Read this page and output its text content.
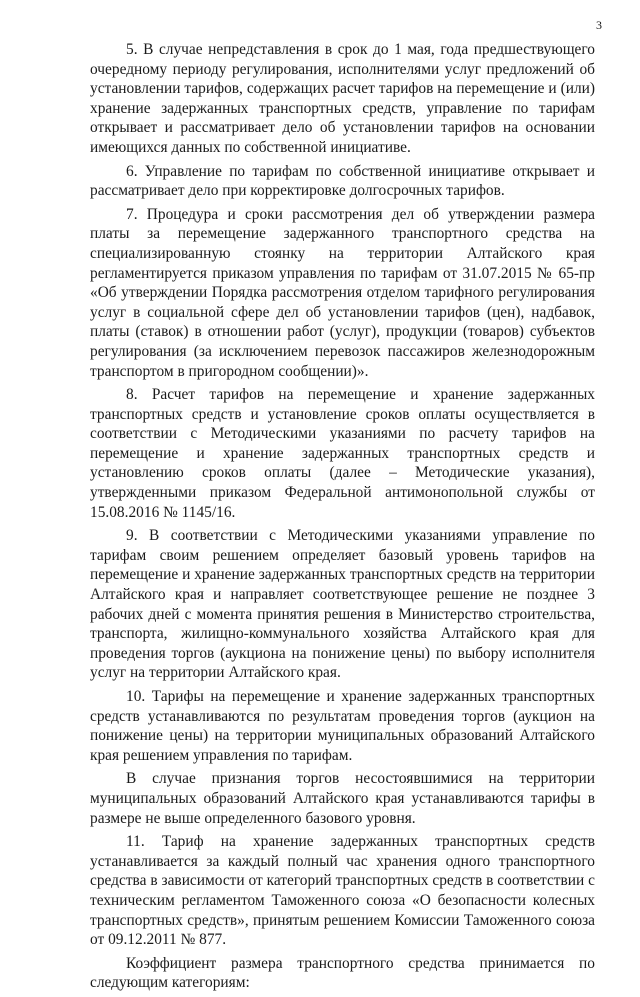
3

5. В случае непредставления в срок до 1 мая, года предшествующего очередному периоду регулирования, исполнителями услуг предложений об установлении тарифов, содержащих расчет тарифов на перемещение и (или) хранение задержанных транспортных средств, управление по тарифам открывает и рассматривает дело об установлении тарифов на основании имеющихся данных по собственной инициативе.

6. Управление по тарифам по собственной инициативе открывает и рассматривает дело при корректировке долгосрочных тарифов.

7. Процедура и сроки рассмотрения дел об утверждении размера платы за перемещение задержанного транспортного средства на специализированную стоянку на территории Алтайского края регламентируется приказом управления по тарифам от 31.07.2015 № 65-пр «Об утверждении Порядка рассмотрения отделом тарифного регулирования услуг в социальной сфере дел об установлении тарифов (цен), надбавок, платы (ставок) в отношении работ (услуг), продукции (товаров) субъектов регулирования (за исключением перевозок пассажиров железнодорожным транспортом в пригородном сообщении)».

8. Расчет тарифов на перемещение и хранение задержанных транспортных средств и установление сроков оплаты осуществляется в соответствии с Методическими указаниями по расчету тарифов на перемещение и хранение задержанных транспортных средств и установлению сроков оплаты (далее – Методические указания), утвержденными приказом Федеральной антимонопольной службы от 15.08.2016 № 1145/16.

9. В соответствии с Методическими указаниями управление по тарифам своим решением определяет базовый уровень тарифов на перемещение и хранение задержанных транспортных средств на территории Алтайского края и направляет соответствующее решение не позднее 3 рабочих дней с момента принятия решения в Министерство строительства, транспорта, жилищно-коммунального хозяйства Алтайского края для проведения торгов (аукциона на понижение цены) по выбору исполнителя услуг на территории Алтайского края.

10. Тарифы на перемещение и хранение задержанных транспортных средств устанавливаются по результатам проведения торгов (аукцион на понижение цены) на территории муниципальных образований Алтайского края решением управления по тарифам.

В случае признания торгов несостоявшимися на территории муниципальных образований Алтайского края устанавливаются тарифы в размере не выше определенного базового уровня.

11. Тариф на хранение задержанных транспортных средств устанавливается за каждый полный час хранения одного транспортного средства в зависимости от категорий транспортных средств в соответствии с техническим регламентом Таможенного союза «О безопасности колесных транспортных средств», принятым решением Комиссии Таможенного союза от 09.12.2011 № 877.

Коэффициент размера транспортного средства принимается по следующим категориям:
